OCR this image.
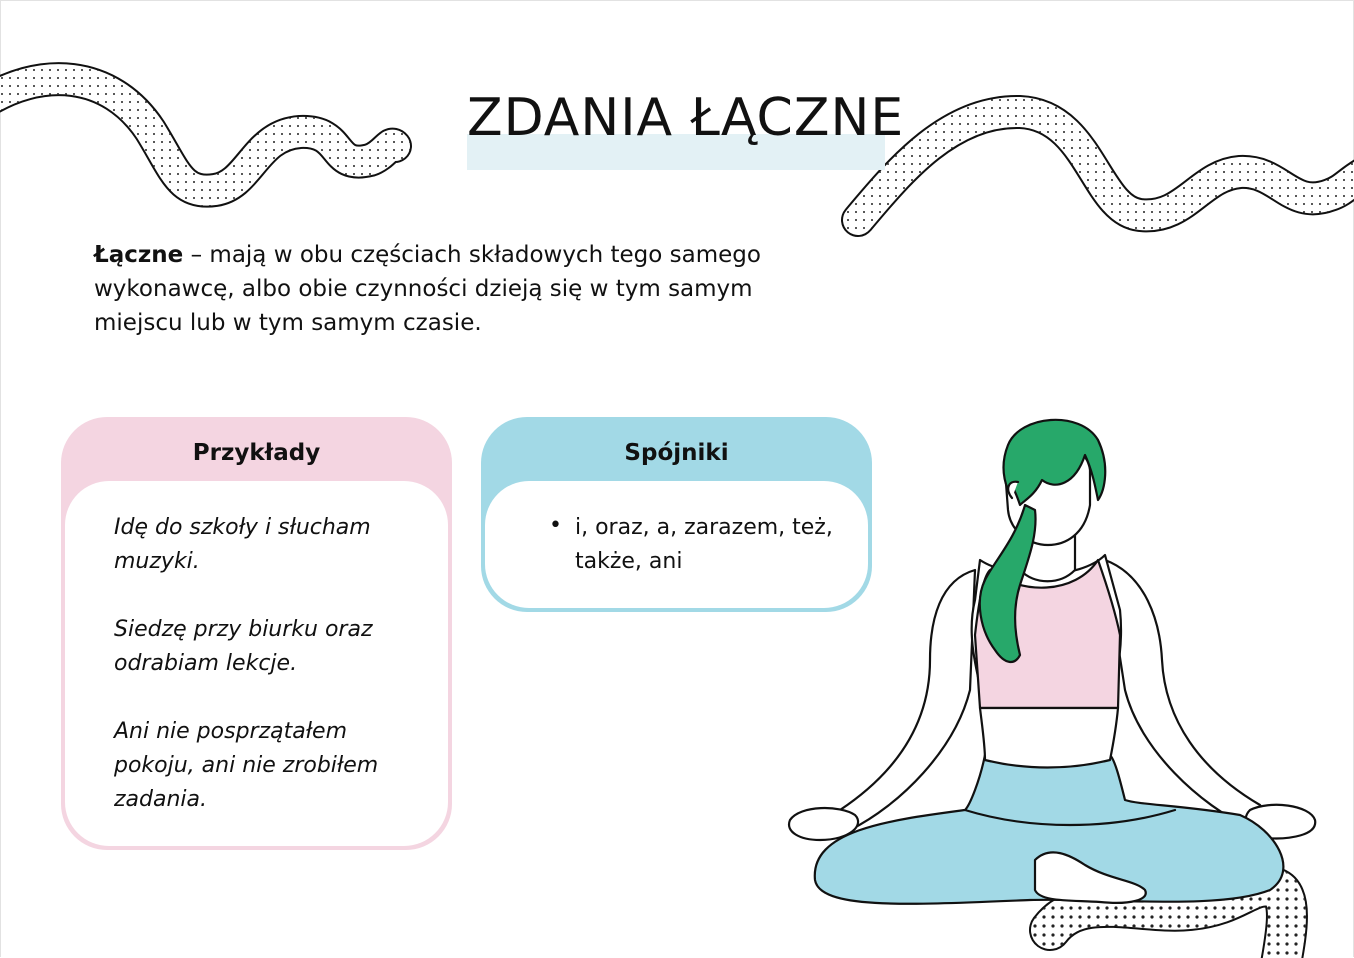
ZDANIA ŁĄCZNE

Łączne – mają w obu częściach składowych tego samego wykonawcę, albo obie czynności dzieją się w tym samym miejscu lub w tym samym czasie.

Przykłady

Idę do szkoły i słucham muzyki.

Siedzę przy biurku oraz odrabiam lekcje.

Ani nie posprzątałem pokoju, ani nie zrobiłem zadania.

Spójniki
• i, oraz, a, zarazem, też, także, ani
